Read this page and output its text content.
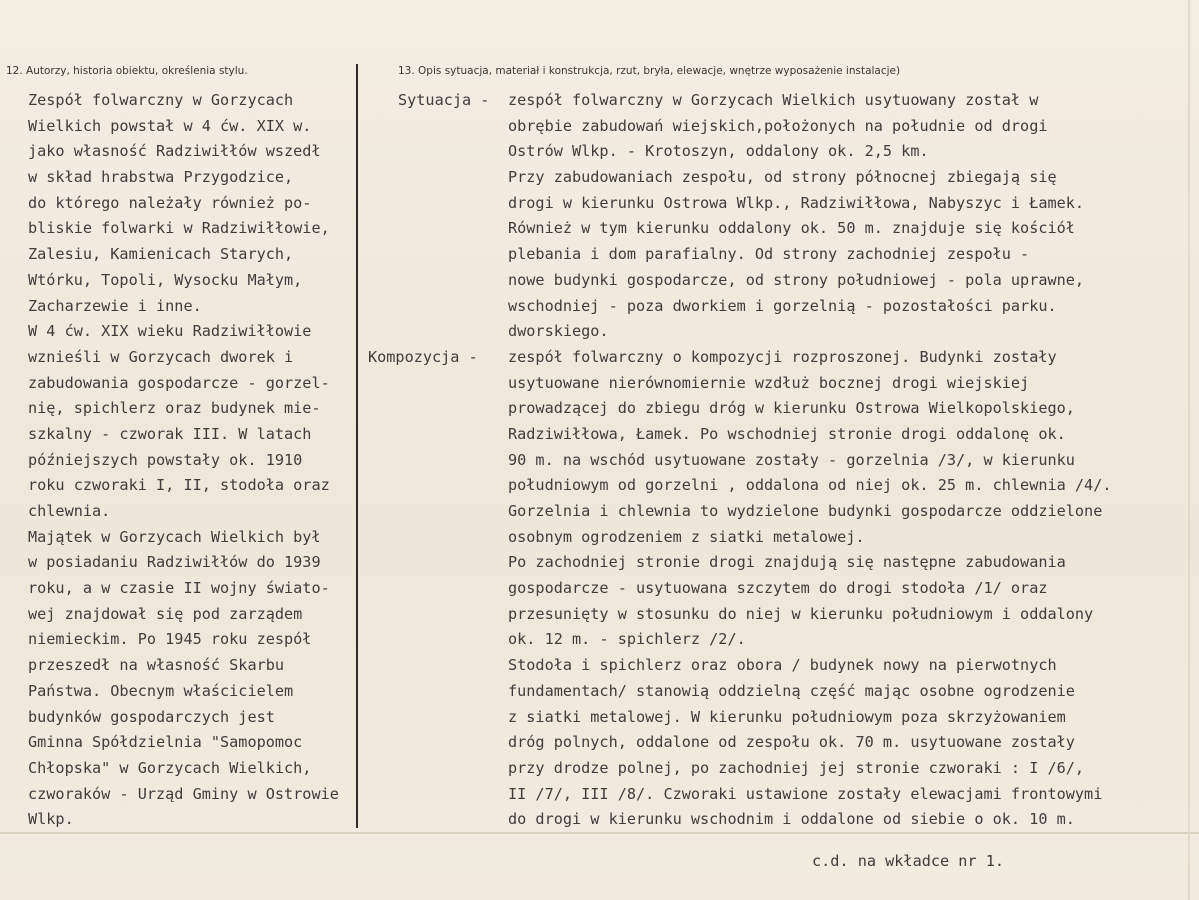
12. Autorzy, historia obiektu, określenia stylu.	13. Opis sytuacja, materiał i konstrukcja, rzut, bryła, elewacje, wnętrze wyposażenie instalacje)
Zespół folwarczny w Gorzycach
Wielkich powstał w 4 ćw. XIX w.
jako własność Radziwiłłów wszedł
w skład hrabstwa Przygodzice,
do którego należały również po-
bliskie folwarki w Radziwiłłowie,
Zalesiu, Kamienicach Starych,
Wtórku, Topoli, Wysocku Małym,
Zacharzewie i inne.
W 4 ćw. XIX wieku Radziwiłłowie
wznieśli w Gorzycach dworek i
zabudowania gospodarcze - gorzel-
nię, spichlerz oraz budynek mie-
szkalny - czworak III. W latach
późniejszych powstały ok. 1910
roku czworaki I, II, stodoła oraz
chlewnia.
Majątek w Gorzycach Wielkich był
w posiadaniu Radziwiłłów do 1939
roku, a w czasie II wojny świato-
wej znajdował się pod zarządem
niemieckim. Po 1945 roku zespół
przeszedł na własność Skarbu
Państwa. Obecnym właścicielem
budynków gospodarczych jest
Gminna Spółdzielnia "Samopomoc
Chłopska" w Gorzycach Wielkich,
czworaków - Urząd Gminy w Ostrowie
Wlkp.
Sytuacja - zespół folwarczny w Gorzycach Wielkich usytuowany został w
obrębie zabudowań wiejskich,położonych na południe od drogi
Ostrów Wlkp. - Krotoszyn, oddalony ok. 2,5 km.
Przy zabudowaniach zespołu, od strony północnej zbiegają się
drogi w kierunku Ostrowa Wlkp., Radziwiłłowa, Nabyszyc i Łamek.
Również w tym kierunku oddalony ok. 50 m. znajduje się kościół
plebania i dom parafialny. Od strony zachodniej zespołu -
nowe budynki gospodarcze, od strony południowej - pola uprawne,
wschodniej - poza dworkiem i gorzelnią - pozostałości parku.
dworskiego.
Kompozycja - zespół folwarczny o kompozycji rozproszonej. Budynki zostały
usytuowane nierównomiernie wzdłuż bocznej drogi wiejskiej
prowadzącej do zbiegu dróg w kierunku Ostrowa Wielkopolskiego,
Radziwiłłowa, Łamek. Po wschodniej stronie drogi oddalonę ok.
90 m. na wschód usytuowane zostały - gorzelnia /3/, w kierunku
południowym od gorzelni , oddalona od niej ok. 25 m. chlewnia /4/.
Gorzelnia i chlewnia to wydzielone budynki gospodarcze oddzielone
osobnym ogrodzeniem z siatki metalowej.
Po zachodniej stronie drogi znajdują się następne zabudowania
gospodarcze - usytuowana szczytem do drogi stodoła /1/ oraz
przesunięty w stosunku do niej w kierunku południowym i oddalony
ok. 12 m. - spichlerz /2/.
Stodoła i spichlerz oraz obora / budynek nowy na pierwotnych
fundamentach/ stanowią oddzielną część mając osobne ogrodzenie
z siatki metalowej. W kierunku południowym poza skrzyżowaniem
dróg polnych, oddalone od zespołu ok. 70 m. usytuowane zostały
przy drodze polnej, po zachodniej jej stronie czworaki : I /6/,
II /7/, III /8/. Czworaki ustawione zostały elewacjami frontowymi
do drogi w kierunku wschodnim i oddalone od siebie o ok. 10 m.
c.d. na wkładce nr 1.
